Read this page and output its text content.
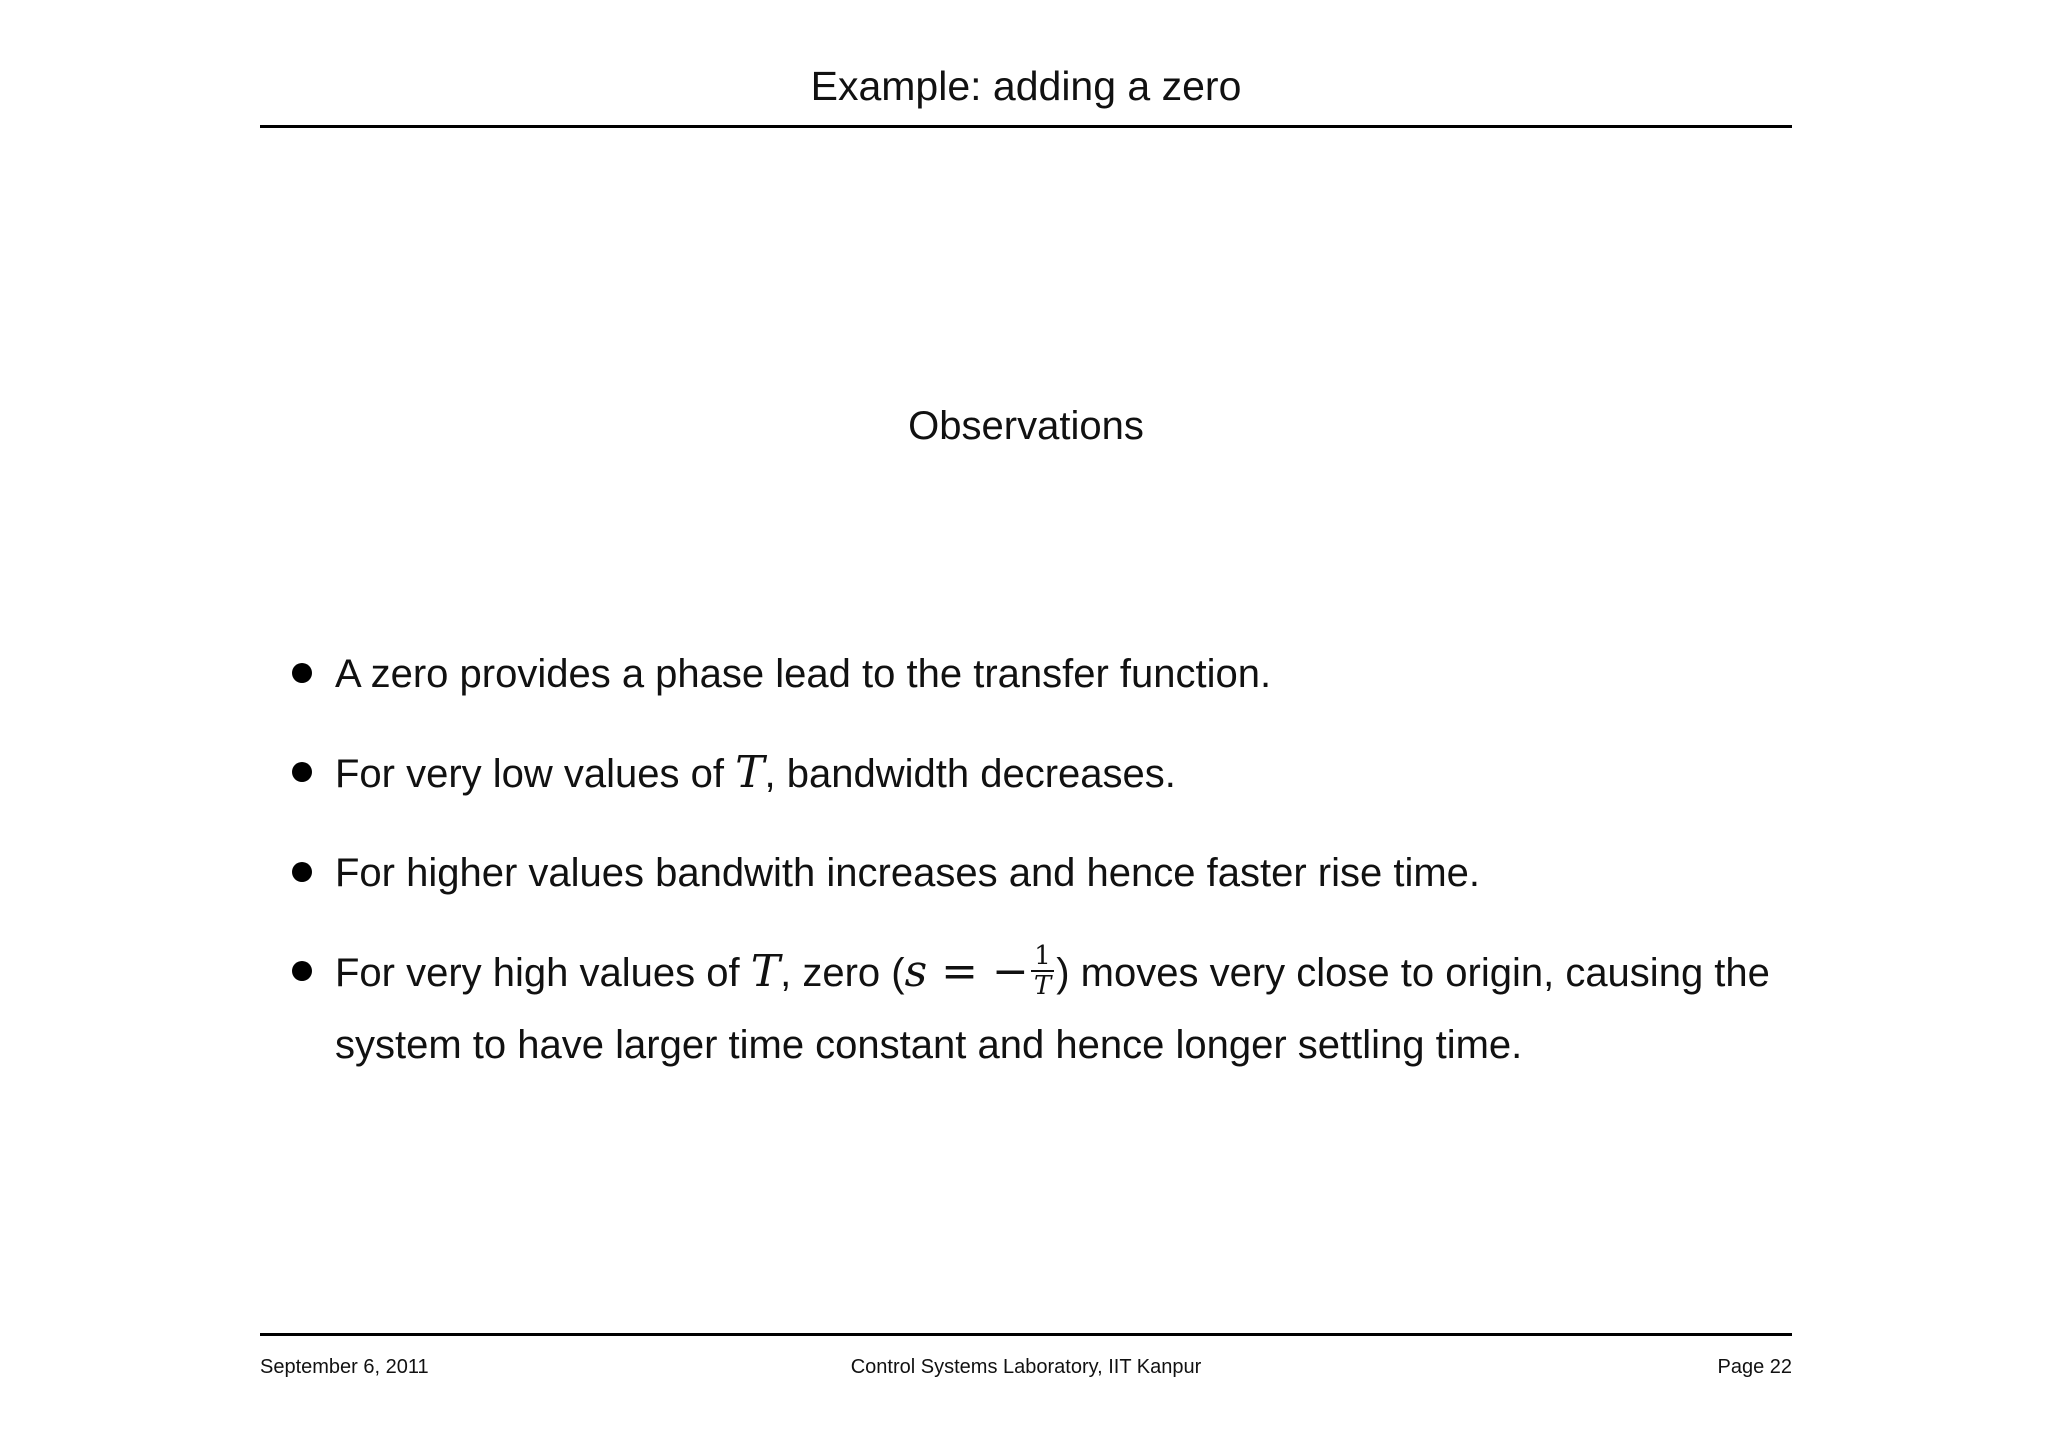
Example: adding a zero
Observations
A zero provides a phase lead to the transfer function.
For very low values of T, bandwidth decreases.
For higher values bandwith increases and hence faster rise time.
For very high values of T, zero (s = − $\frac{1}{T}$ ) moves very close to origin, causing the system to have larger time constant and hence longer settling time.
September 6, 2011	Control Systems Laboratory, IIT Kanpur	Page 22
